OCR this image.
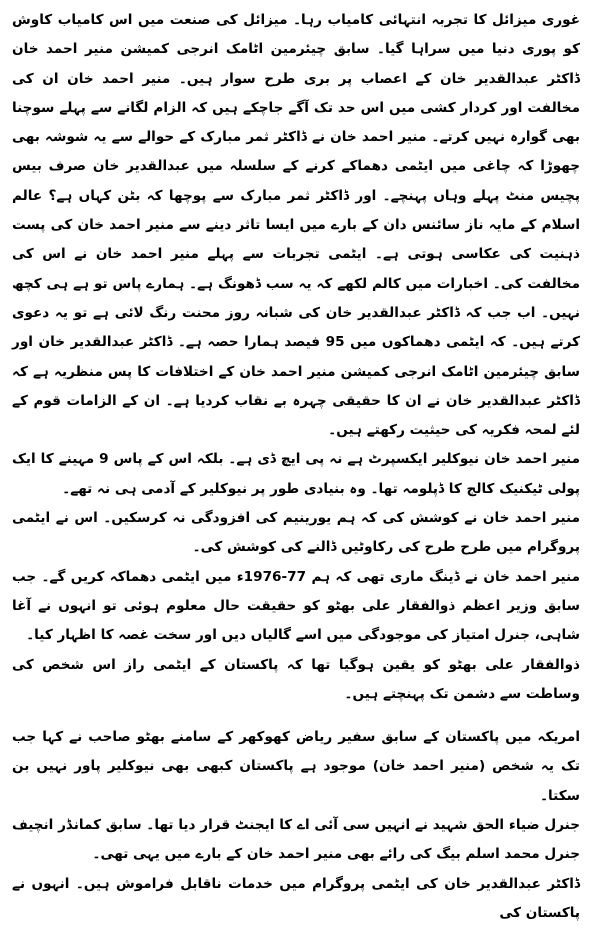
غوری میزائل کا تجربہ انتہائی کامیاب رہا۔ میزائل کی صنعت میں اس کامیاب کاوش کو پوری دنیا میں سراہا گیا۔ سابق چیئرمین اٹامک انرجی کمیشن منیر احمد خان ڈاکٹر عبدالقدیر خان کے اعصاب پر بری طرح سوار ہیں۔ منیر احمد خان ان کی مخالفت اور کردار کشی میں اس حد تک آگے جاچکے ہیں کہ الزام لگانے سے پہلے سوچنا بھی گوارہ نہیں کرتے۔ منیر احمد خان نے ڈاکٹر ثمر مبارک کے حوالے سے یہ شوشہ بھی چھوڑا کہ چاغی میں ایٹمی دھماکے کرنے کے سلسلہ میں عبدالقدیر خان صرف بیس پچیس منٹ پہلے وہاں پہنچے۔ اور ڈاکٹر ثمر مبارک سے پوچھا کہ بٹن کہاں ہے؟ عالم اسلام کے مایہ ناز سائنس دان کے بارے میں ایسا تاثر دینے سے منیر احمد خان کی پست ذہنیت کی عکاسی ہوتی ہے۔ ایٹمی تجربات سے پہلے منیر احمد خان نے اس کی مخالفت کی۔ اخبارات میں کالم لکھے کہ یہ سب ڈھونگ ہے۔ ہمارے پاس تو ہے ہی کچھ نہیں۔ اب جب کہ ڈاکٹر عبدالقدیر خان کی شبانہ روز محنت رنگ لائی ہے تو یہ دعوی کرتے ہیں۔ کہ ایٹمی دھماکوں میں 95 فیصد ہمارا حصہ ہے۔ ڈاکٹر عبدالقدیر خان اور سابق چیئرمین اٹامک انرجی کمیشن منیر احمد خان کے اختلافات کا پس منظریہ ہے کہ ڈاکٹر عبدالقدیر خان نے ان کا حقیقی چہرہ بے نقاب کردیا ہے۔ ان کے الزامات قوم کے لئے لمحہ فکریہ کی حیثیت رکھتے ہیں۔

منیر احمد خان نیوکلیر ایکسپرٹ ہے نہ پی ایچ ڈی ہے۔ بلکہ اس کے پاس 9 مہینے کا ایک پولی ٹیکنیک کالج کا ڈپلومہ تھا۔ وہ بنیادی طور پر نیوکلیر کے آدمی ہی نہ تھے۔

منیر احمد خان نے کوشش کی کہ ہم یورینیم کی افزودگی نہ کرسکیں۔ اس نے ایٹمی پروگرام میں طرح طرح کی رکاوٹیں ڈالنے کی کوشش کی۔

منیر احمد خان نے ڈینگ ماری تھی کہ ہم 77-1976ء میں ایٹمی دھماکہ کریں گے۔ جب سابق وزیر اعظم ذوالفقار علی بھٹو کو حقیقت حال معلوم ہوئی تو انہوں نے آغا شاہی، جنرل امتیاز کی موجودگی میں اسے گالیاں دیں اور سخت غصہ کا اظہار کیا۔

ذوالفقار علی بھٹو کو یقین ہوگیا تھا کہ پاکستان کے ایٹمی راز اس شخص کی وساطت سے دشمن تک پہنچتے ہیں۔

امریکہ میں پاکستان کے سابق سفیر ریاض کھوکھر کے سامنے بھٹو صاحب نے کہا جب تک یہ شخص (منیر احمد خان) موجود ہے پاکستان کبھی بھی نیوکلیر پاور نہیں بن سکتا۔

جنرل ضیاء الحق شہید نے انہیں سی آئی اے کا ایجنٹ قرار دیا تھا۔ سابق کمانڈر انچیف جنرل محمد اسلم بیگ کی رائے بھی منیر احمد خان کے بارے میں یہی تھی۔

ڈاکٹر عبدالقدیر خان کی ایٹمی پروگرام میں خدمات ناقابل فراموش ہیں۔ انہوں نے پاکستان کی
